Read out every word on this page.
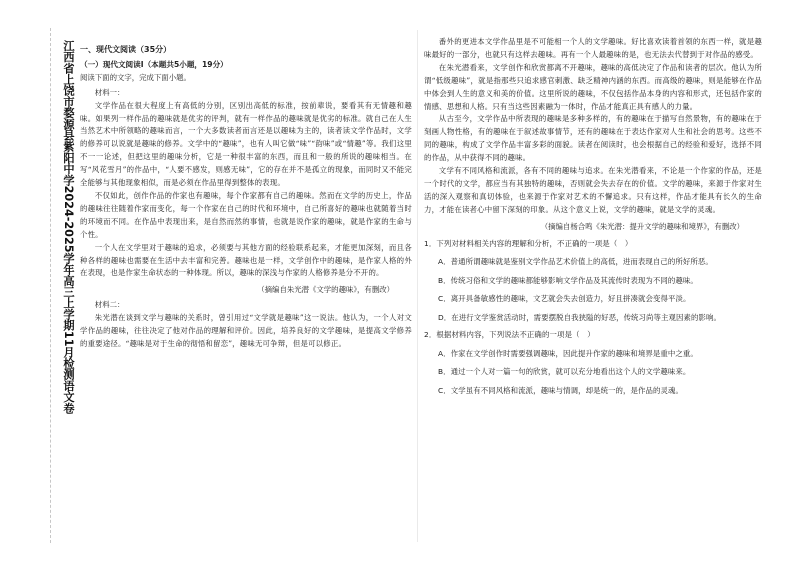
江西省上饶市婺源县紫阳中学2024-2025学年高三上学期11月检测语文卷 一、现代文阅读（35分）

（一）现代文阅读Ⅰ（本题共5小题，19分）

阅读下面的文字，完成下面小题。

材料一：

文学作品在很大程度上有高低的分别，区别出高低的标准，按前辈说，要看其有无情趣和趣味。如果列一样作品的趣味就是优劣的评判，就有一样作品的趣味就是优劣的标准。就自己在人生当然艺术中所领略的趣味而言，一个大多数读者而言还是以趣味为主的，读者读文学作品时，文学的修养可以说就是趣味的修养。文学中的“趣味”，也有人叫它做“味”“韵味”或“情趣”等。我们这里不一一论述，但把这里的趣味分析，它是一种很丰富的东西，而且和一般的所说的趣味相当。在写“风花雪月”的作品中，“人要不感发，则感无味”，它的存在并不是孤立的现象，而同时又不能完全能够与其他现象相似，而是必须在作品里得到整体的表现。

不仅如此，创作作品的作家也有趣味，每个作家都有自己的趣味。然而在文学的历史上，作品的趣味往往随着作家而变化，每一个作家在自己的时代和环境中，自己所喜好的趣味也就随着当时的环境而不同。在作品中表现出来，是自然而然的事情，也就是说作家的趣味，就是作家的生命与个性。

一个人在文学里对于趣味的追求，必须要与其他方面的经验联系起来，才能更加深刻，而且各种各样的趣味也需要在生活中去丰富和完善。趣味也是一样，文学创作中的趣味，是作家人格的外在表现，也是作家生命状态的一种体现。所以，趣味的深浅与作家的人格修养是分不开的。

（摘编自朱光潜《文学的趣味》，有删改）

材料二：

朱光潜在谈到文学与趣味的关系时，曾引用过“文学就是趣味”这一说法。他认为，一个人对文学作品的趣味，往往决定了他对作品的理解和评价。因此，培养良好的文学趣味，是提高文学修养的重要途径。“趣味是对于生命的彻悟和留恋”，趣味无可争辩，但是可以修正。

番外的更进本文学作品里是不可能相一个人的文学趣味。好比喜欢读着首领的东西一样，就是趣味最好的一部分，也就只有这样去趣味。再有一个人最趣味的是，也无法去代替到于对作品的感受。

在朱光潜看来，文学创作和欣赏都离不开趣味，趣味的高低决定了作品和读者的层次。他认为所谓“低级趣味”，就是指那些只追求感官刺激、缺乏精神内涵的东西。而高级的趣味，则是能够在作品中体会到人生的意义和美的价值。这里所说的趣味，不仅包括作品本身的内容和形式，还包括作家的情感、思想和人格。只有当这些因素融为一体时，作品才能真正具有感人的力量。

从古至今，文学作品中所表现的趣味是多种多样的，有的趣味在于描写自然景物，有的趣味在于刻画人物性格，有的趣味在于叙述故事情节，还有的趣味在于表达作家对人生和社会的思考。这些不同的趣味，构成了文学作品丰富多彩的面貌。读者在阅读时，也会根据自己的经验和爱好，选择不同的作品，从中获得不同的趣味。

文学有不同风格和流派，各有不同的趣味与追求。在朱光潜看来，不论是一个作家的作品，还是一个时代的文学，都应当有其独特的趣味，否则就会失去存在的价值。文学的趣味，来源于作家对生活的深入观察和真切体验，也来源于作家对艺术的不懈追求。只有这样，作品才能具有长久的生命力，才能在读者心中留下深刻的印象。从这个意义上说，文学的趣味，就是文学的灵魂。

（摘编自杨合鸣《朱光潜：提升文学的趣味和境界》，有删改）

1．下列对材料相关内容的理解和分析，不正确的一项是（　）

A．普通所谓趣味就是鉴别文学作品艺术价值上的高低，进而表现自己的所好所恶。

B．传统习俗和文学的趣味都能够影响文学作品及其流传时表现为不同的趣味。

C．离开具备敏感性的趣味，文艺就会失去创造力，好且拼凑就会变得平淡。

D．在进行文学鉴赏活动时，需要摆脱自我狭隘的好恶，传统习尚等主观因素的影响。

2．根据材料内容，下列说法不正确的一项是（　）

A．作家在文学创作时需要强调趣味，因此提升作家的趣味和境界是重中之重。

B．通过一个人对一篇一句的欣赏，就可以充分地看出这个人的文学趣味来。

C．文学虽有不同风格和流派，趣味与情调，却是统一的，是作品的灵魂。
